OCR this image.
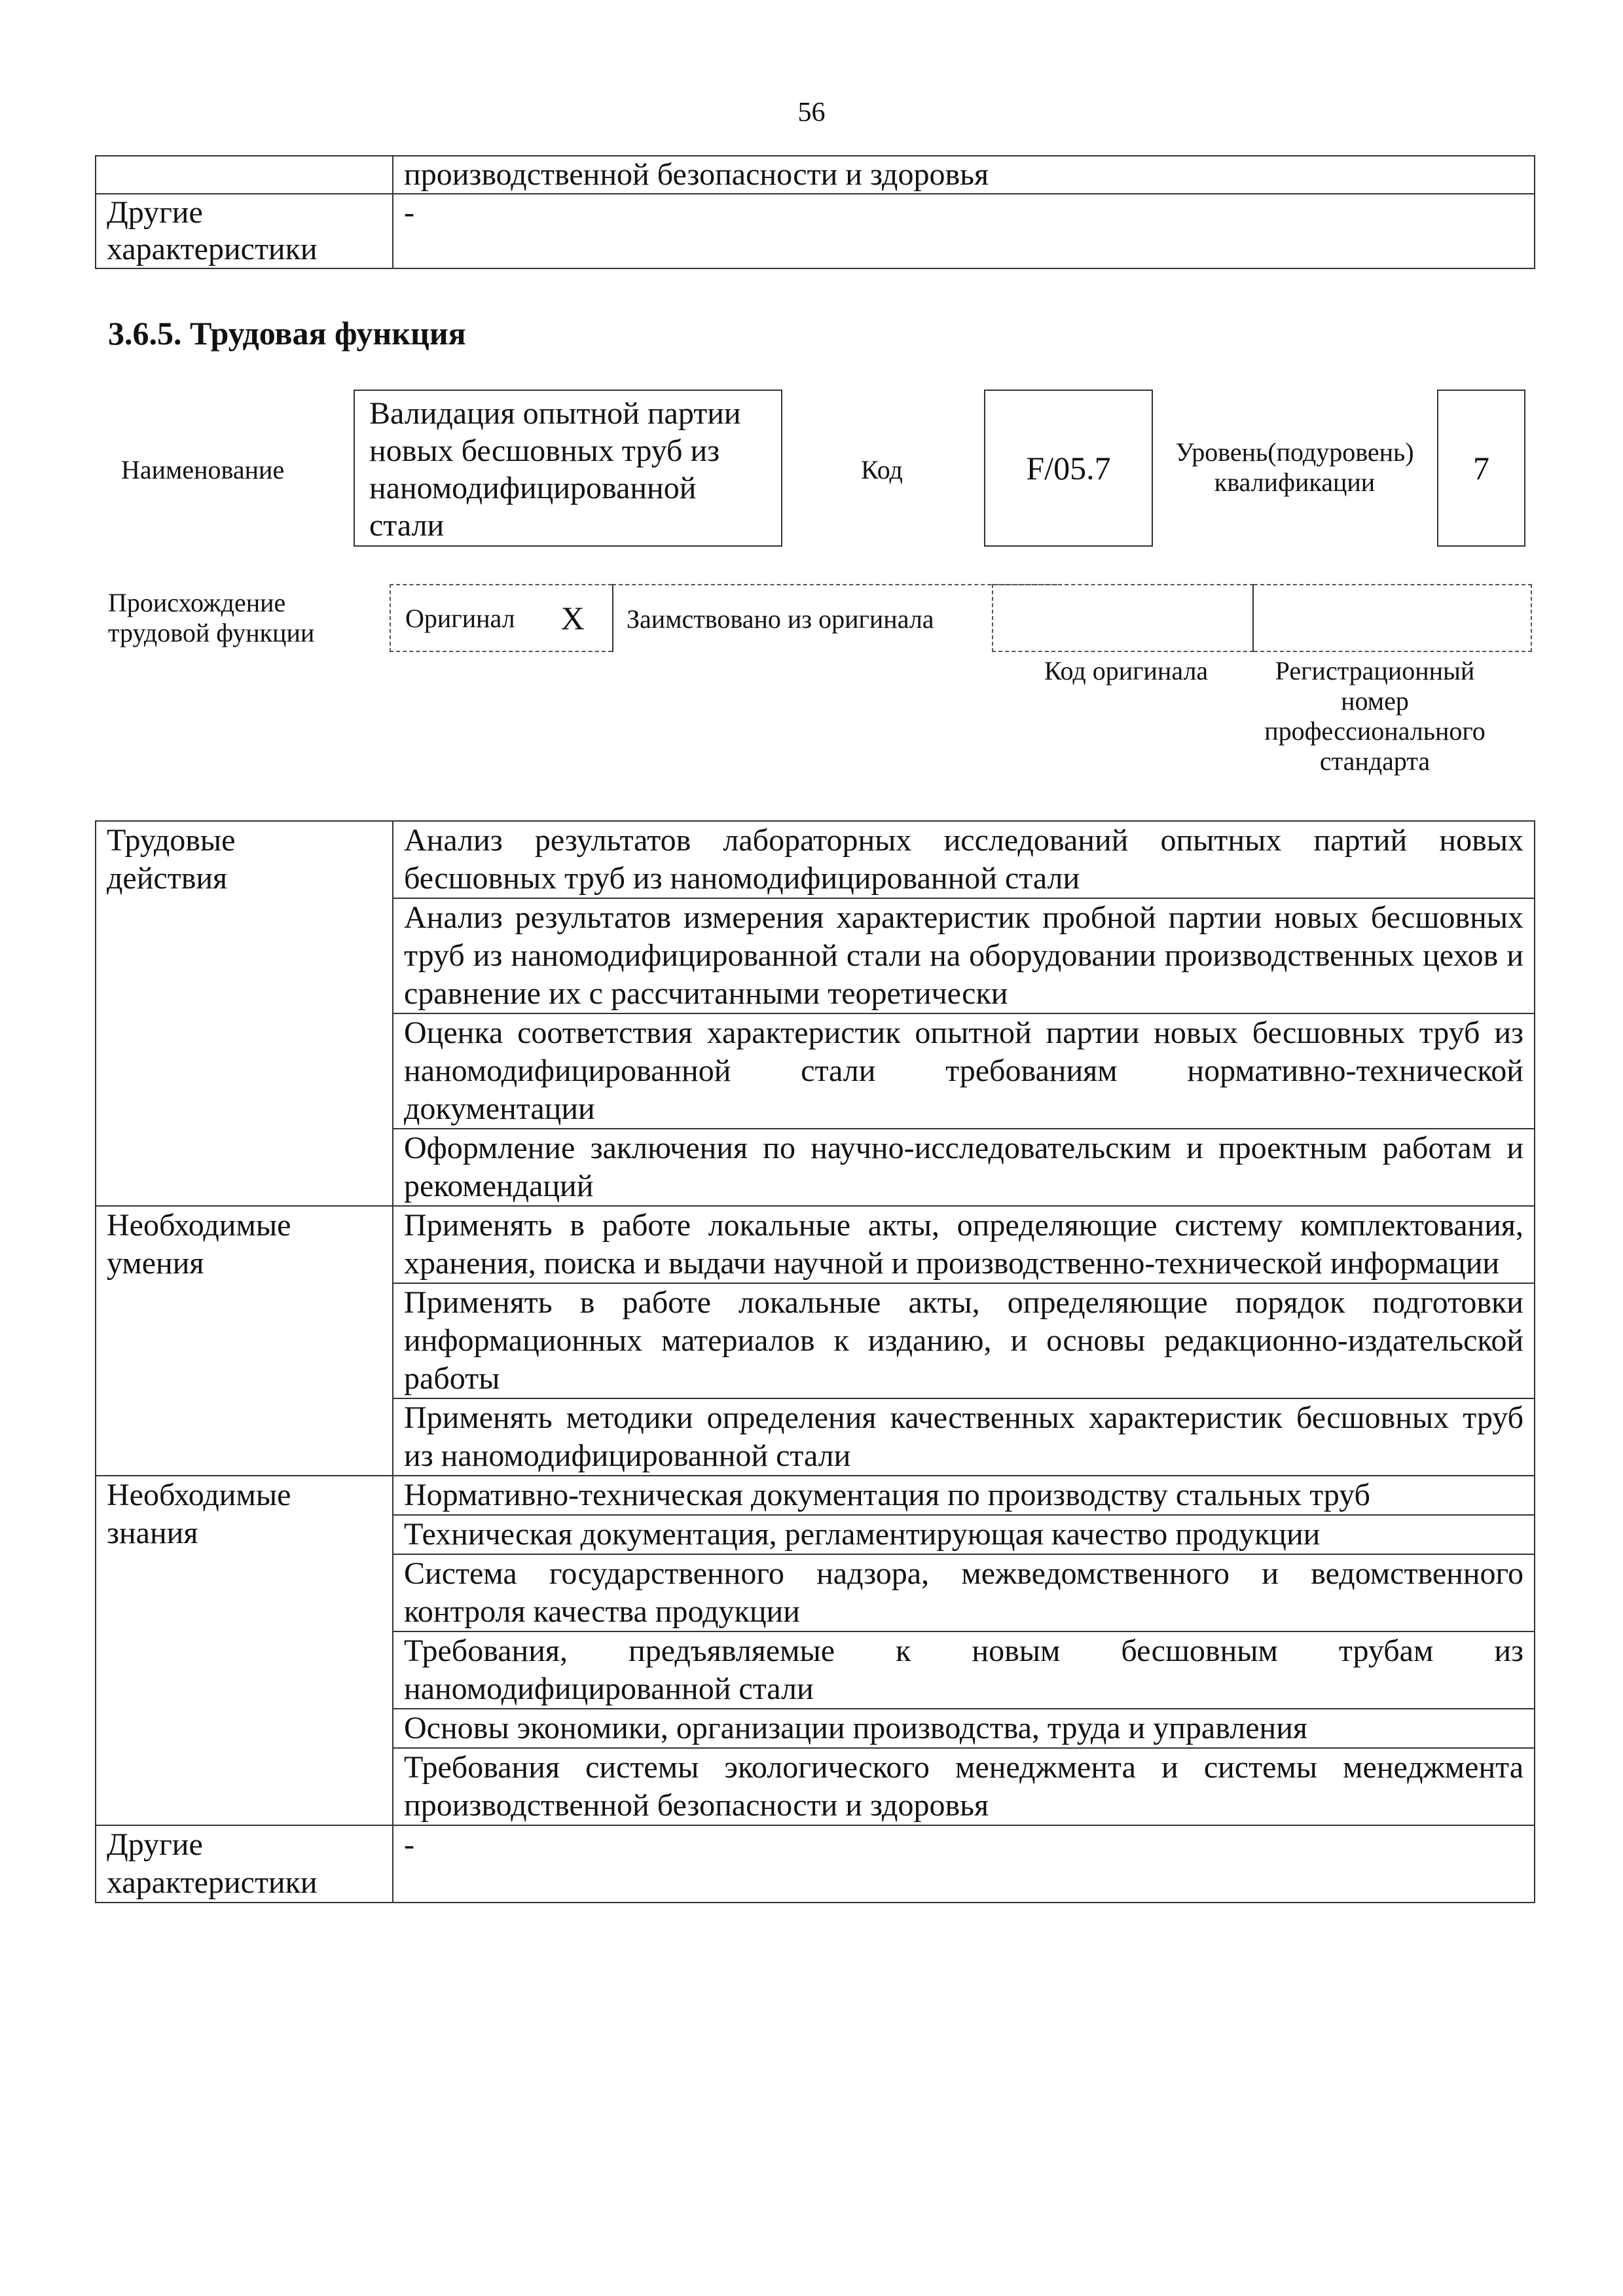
56
	производственной безопасности и здоровья

Другие
характеристики	-
3.6.5. Трудовая функция
Наименование
Валидация опытной партии новых бесшовных труб из наномодифицированной стали
Код	F/05.7	Уровень(подуровень)
квалификации	7
Происхождение
трудовой функции	Оригинал X	Заимствовано из оригинала
Код оригинала	Регистрационный номер профессионального стандарта
Трудовые
действия	Анализ результатов лабораторных исследований опытных партий новых бесшовных труб из наномодифицированной стали
	Анализ результатов измерения характеристик пробной партии новых бесшовных труб из наномодифицированной стали на оборудовании производственных цехов и сравнение их с рассчитанными теоретически
	Оценка соответствия характеристик опытной партии новых бесшовных труб из наномодифицированной стали требованиям нормативно-технической документации
	Оформление заключения по научно-исследовательским и проектным работам и рекомендаций

Необходимые
умения	Применять в работе локальные акты, определяющие систему комплектования, хранения, поиска и выдачи научной и производственно-технической информации
	Применять в работе локальные акты, определяющие порядок подготовки информационных материалов к изданию, и основы редакционно-издательской работы
	Применять методики определения качественных характеристик бесшовных труб из наномодифицированной стали

Необходимые
знания	Нормативно-техническая документация по производству стальных труб
	Техническая документация, регламентирующая качество продукции
	Система государственного надзора, межведомственного и ведомственного контроля качества продукции
	Требования, предъявляемые к новым бесшовным трубам из наномодифицированной стали
	Основы экономики, организации производства, труда и управления
	Требования системы экологического менеджмента и системы менеджмента производственной безопасности и здоровья

Другие
характеристики	-
